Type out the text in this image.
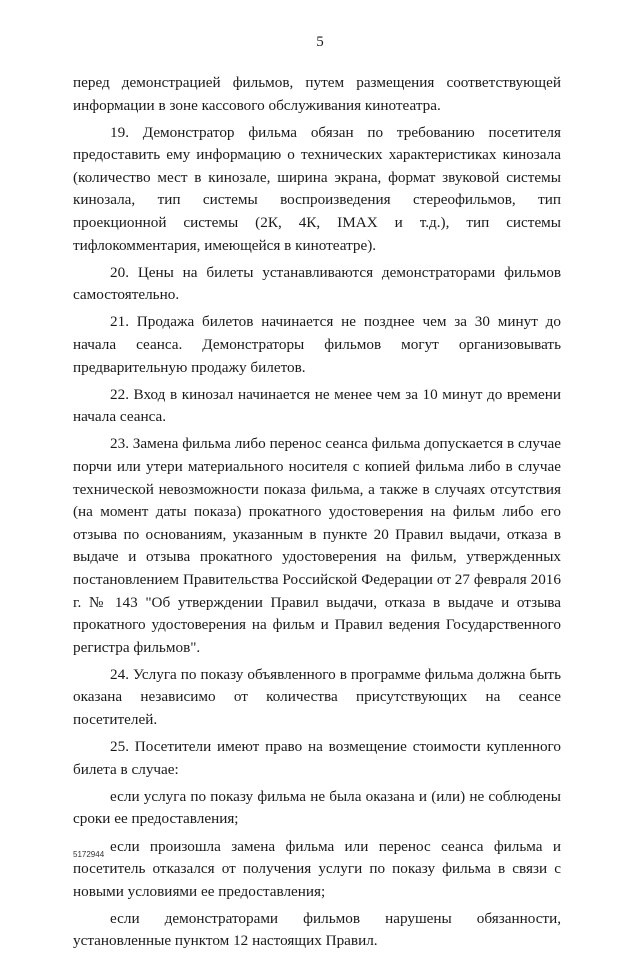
5

перед демонстрацией фильмов, путем размещения соответствующей информации в зоне кассового обслуживания кинотеатра.

19. Демонстратор фильма обязан по требованию посетителя предоставить ему информацию о технических характеристиках кинозала (количество мест в кинозале, ширина экрана, формат звуковой системы кинозала, тип системы воспроизведения стереофильмов, тип проекционной системы (2К, 4К, IMAX и т.д.), тип системы тифлокомментария, имеющейся в кинотеатре).

20. Цены на билеты устанавливаются демонстраторами фильмов самостоятельно.

21. Продажа билетов начинается не позднее чем за 30 минут до начала сеанса. Демонстраторы фильмов могут организовывать предварительную продажу билетов.

22. Вход в кинозал начинается не менее чем за 10 минут до времени начала сеанса.

23. Замена фильма либо перенос сеанса фильма допускается в случае порчи или утери материального носителя с копией фильма либо в случае технической невозможности показа фильма, а также в случаях отсутствия (на момент даты показа) прокатного удостоверения на фильм либо его отзыва по основаниям, указанным в пункте 20 Правил выдачи, отказа в выдаче и отзыва прокатного удостоверения на фильм, утвержденных постановлением Правительства Российской Федерации от 27 февраля 2016 г. № 143 "Об утверждении Правил выдачи, отказа в выдаче и отзыва прокатного удостоверения на фильм и Правил ведения Государственного регистра фильмов".

24. Услуга по показу объявленного в программе фильма должна быть оказана независимо от количества присутствующих на сеансе посетителей.

25. Посетители имеют право на возмещение стоимости купленного билета в случае:

если услуга по показу фильма не была оказана и (или) не соблюдены сроки ее предоставления;

если произошла замена фильма или перенос сеанса фильма и посетитель отказался от получения услуги по показу фильма в связи с новыми условиями ее предоставления;

если демонстраторами фильмов нарушены обязанности, установленные пунктом 12 настоящих Правил.

5172944
